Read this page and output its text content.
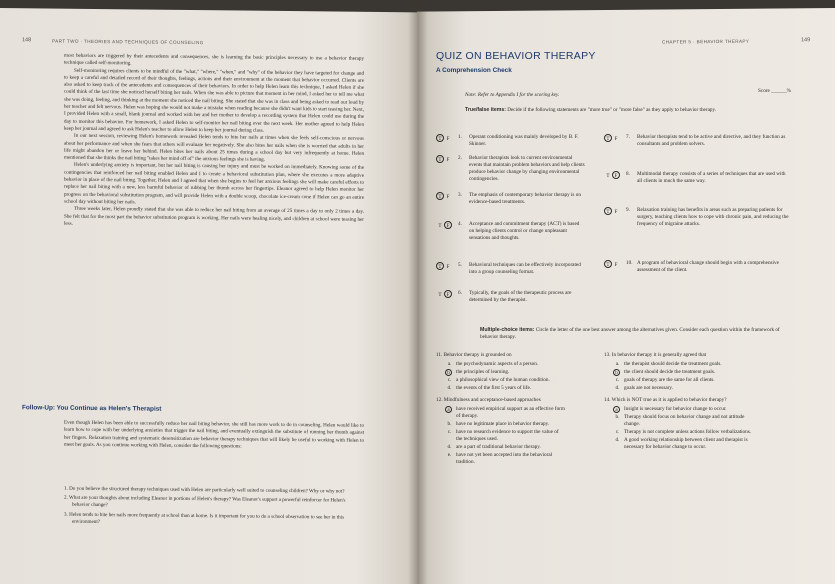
148	PART TWO · THEORIES AND TECHNIQUES OF COUNSELING

most behaviors are triggered by their antecedents and consequences, she is learning the basic principles necessary to use a behavior therapy technique called self-monitoring.

Self-monitoring requires clients to be mindful of the "what," "where," "when," and "why" of the behavior they have targeted for change and to keep a careful and detailed record of their thoughts, feelings, actions and their environment at the moment that behavior occurred. Clients are also asked to keep track of the antecedents and consequences of their behaviors. In order to help Helen learn this technique, I asked Helen if she could think of the last time she noticed herself biting her nails. When she was able to picture that moment in her mind, I asked her to tell me what she was doing, feeling, and thinking at the moment she noticed the nail biting. She stated that she was in class and being asked to read out loud by her teacher and felt nervous. Helen was hoping she would not make a mistake when reading because she didn't want kids to start teasing her. Next, I provided Helen with a small, blank journal and worked with her and her mother to develop a recording system that Helen could use during the day to monitor this behavior. For homework, I asked Helen to self-monitor her nail biting over the next week. Her mother agreed to help Helen keep her journal and agreed to ask Helen's teacher to allow Helen to keep her journal during class.

In our next session, reviewing Helen's homework revealed Helen tends to bite her nails at times when she feels self-conscious or nervous about her performance and when she fears that others will evaluate her negatively. She also bites her nails when she is worried that adults in her life might abandon her or leave her behind. Helen bites her nails about 25 times during a school day but very infrequently at home. Helen mentioned that she thinks the nail biting "takes her mind off of" the anxious feelings she is having.

Helen's underlying anxiety is important, but her nail biting is causing her injury and must be worked on immediately. Knowing some of the contingencies that reinforced her nail biting enabled Helen and I to create a behavioral substitution plan, where she executes a more adaptive behavior in place of the nail biting. Together, Helen and I agreed that when she begins to feel her anxious feelings she will make careful efforts to replace her nail biting with a new, less harmful behavior of rubbing her thumb across her fingertips. Eleanor agreed to help Helen monitor her progress on the behavioral substitution program, and will provide Helen with a double scoop, chocolate ice-cream cone if Helen can go an entire school day without biting her nails.

Three weeks later, Helen proudly stated that she was able to reduce her nail biting from an average of 25 times a day to only 2 times a day. She felt that for the most part the behavior substitution program is working. Her nails were healing nicely, and children at school were teasing her less.

Follow-Up: You Continue as Helen's Therapist
Even though Helen has been able to successfully reduce her nail biting behavior, she still has more work to do in counseling. Helen would like to learn how to cope with her underlying anxieties that trigger the nail biting, and eventually extinguish the substitute of running her thumb against her fingers. Relaxation training and systematic desensitization are behavior therapy techniques that will likely be useful to working with Helen to meet her goals. As you continue working with Helen, consider the following questions:
1. Do you believe the structured therapy techniques used with Helen are particularly well suited to counseling children? Why or why not?
2. What are your thoughts about including Eleanor in portions of Helen's therapy? Was Eleanor's support a powerful reinforcer for Helen's behavior change?
3. Helen tends to bite her nails more frequently at school than at home. Is it important for you to do a school observation to see her in this environment?
CHAPTER 5 · BEHAVIOR THERAPY	149
QUIZ ON BEHAVIOR THERAPY
A Comprehension Check
Score ______%
Note: Refer to Appendix I for the scoring key.
True/false items: Decide if the following statements are "more true" or "more false" as they apply to behavior therapy.
T F	1. Operant conditioning was mainly developed by B. F. Skinner.
T F	2. Behavior therapists look to current environmental events that maintain problem behaviors and help clients produce behavior change by changing environmental contingencies.
T F	3. The emphasis of contemporary behavior therapy is on evidence-based treatments.
T F	4. Acceptance and commitment therapy (ACT) is based on helping clients control or change unpleasant sensations and thoughts.
T F	5. Behavioral techniques can be effectively incorporated into a group counseling format.
T F	6. Typically, the goals of the therapeutic process are determined by the therapist.
T F	7. Behavior therapists tend to be active and directive, and they function as consultants and problem solvers.
T F	8. Multimodal therapy consists of a series of techniques that are used with all clients in much the same way.
T F	9. Relaxation training has benefits in areas such as preparing patients for surgery, teaching clients how to cope with chronic pain, and reducing the frequency of migraine attacks.
T F	10. A program of behavioral change should begin with a comprehensive assessment of the client.
Multiple-choice items: Circle the letter of the one best answer among the alternatives given. Consider each question within the framework of behavior therapy.
11. Behavior therapy is grounded on
a. the psychodynamic aspects of a person.
b	the principles of learning.
c. a philosophical view of the human condition.
d. the events of the first 5 years of life.
12. Mindfulness and acceptance-based approaches
a	have received empirical support as an effective form of therapy.
b. have no legitimate place in behavior therapy.
c. have no research evidence to support the value of the techniques used.
d. are a part of traditional behavior therapy.
e. have not yet been accepted into the behavioral tradition.
13. In behavior therapy it is generally agreed that
a. the therapist should decide the treatment goals.
b	the client should decide the treatment goals.
c. goals of therapy are the same for all clients.
d. goals are not necessary.
14. Which is NOT true as it is applied to behavior therapy?
a	Insight is necessary for behavior change to occur.
b. Therapy should focus on behavior change and not attitude change.
c. Therapy is not complete unless actions follow verbalizations.
d. A good working relationship between client and therapist is necessary for behavior change to occur.
